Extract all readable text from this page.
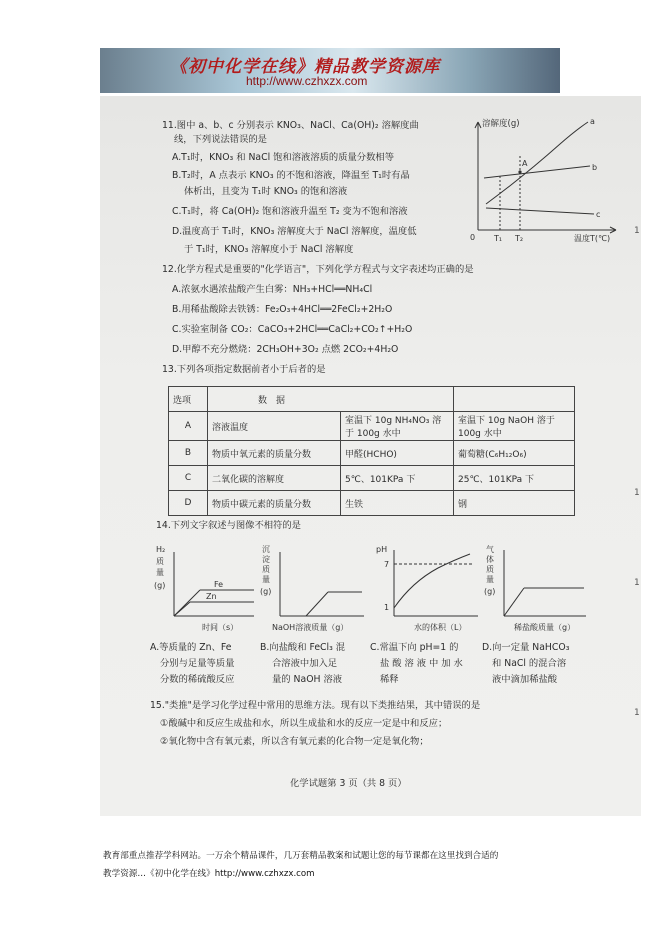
《初中化学在线》精品教学资源库
http://www.czhxzx.com
11.图中 a、b、c 分别表示 KNO₃、NaCl、Ca(OH)₂ 溶解度曲
线，下列说法错误的是
A.T₁时，KNO₃ 和 NaCl 饱和溶液溶质的质量分数相等
B.T₂时，A 点表示 KNO₃ 的不饱和溶液，降温至 T₁时有晶
体析出，且变为 T₁时 KNO₃ 的饱和溶液
C.T₁时，将 Ca(OH)₂ 饱和溶液升温至 T₂ 变为不饱和溶液
D.温度高于 T₁时，KNO₃ 溶解度大于 NaCl 溶解度，温度低
于 T₁时，KNO₃ 溶解度小于 NaCl 溶解度
溶解度(g)	a
b
c
A
0 T₁ T₂	温度T(℃)
12.化学方程式是重要的"化学语言"，下列化学方程式与文字表述均正确的是
A.浓氨水遇浓盐酸产生白雾：NH₃+HCl══NH₄Cl
B.用稀盐酸除去铁锈：Fe₂O₃+4HCl══2FeCl₂+2H₂O
C.实验室制备 CO₂：CaCO₃+2HCl══CaCl₂+CO₂↑+H₂O
D.甲醇不充分燃烧：2CH₃OH+3O₂ 点燃 2CO₂+4H₂O
13.下列各项指定数据前者小于后者的是
选项	数　据		
A	溶液温度	室温下 10g NH₄NO₃ 溶于 100g 水中	室温下 10g NaOH 溶于 100g 水中
B	物质中氧元素的质量分数	甲醛(HCHO)	葡萄糖(C₆H₁₂O₆)
C	二氧化碳的溶解度	5℃、101KPa 下	25℃、101KPa 下
D	物质中碳元素的质量分数	生铁	钢
14.下列文字叙述与图像不相符的是
H₂
质
量
(g)	Fe
Zn
时间（s）
沉
淀
质
量
(g)
NaOH溶液质量（g）
pH
7
1
水的体积（L）
气
体
质
量
(g)
稀盐酸质量（g）
A.等质量的 Zn、Fe
分别与足量等质量
分数的稀硫酸反应
B.向盐酸和 FeCl₃ 混
合溶液中加入足
量的 NaOH 溶液
C.常温下向 pH=1 的
盐 酸 溶 液 中 加 水
稀释
D.向一定量 NaHCO₃
和 NaCl 的混合溶
液中滴加稀盐酸
15."类推"是学习化学过程中常用的思维方法。现有以下类推结果，其中错误的是
①酸碱中和反应生成盐和水，所以生成盐和水的反应一定是中和反应；
②氧化物中含有氧元素，所以含有氧元素的化合物一定是氧化物；
化学试题第 3 页（共 8 页）
1
1
1
1
教育部重点推荐学科网站。一万余个精品课件，几万套精品教案和试题让您的每节课都在这里找到合适的
教学资源…《初中化学在线》http://www.czhxzx.com
